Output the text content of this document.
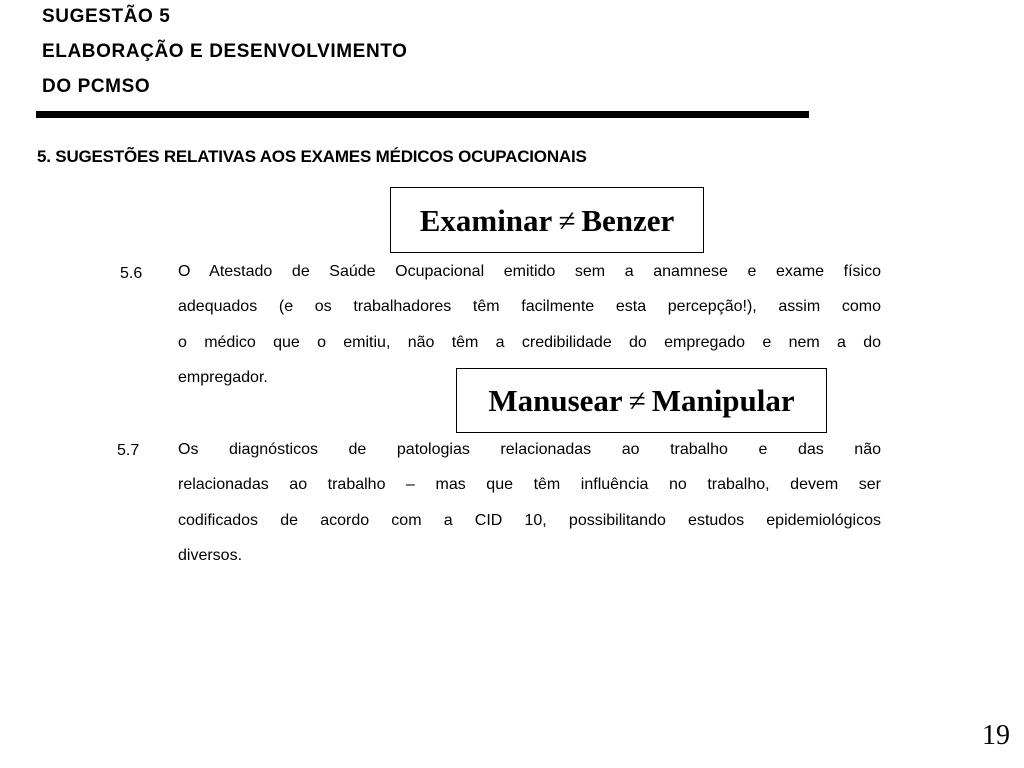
SUGESTÃO 5
ELABORAÇÃO E DESENVOLVIMENTO
DO PCMSO
5. SUGESTÕES RELATIVAS AOS EXAMES MÉDICOS OCUPACIONAIS
5.6 O Atestado de Saúde Ocupacional emitido sem a anamnese e exame físico
adequados (e os trabalhadores têm facilmente esta percepção!), assim como
o médico que o emitiu, não têm a credibilidade do empregado e nem a do
empregador.
5.7 Os diagnósticos de patologias relacionadas ao trabalho e das não
relacionadas ao trabalho – mas que têm influência no trabalho, devem ser
codificados de acordo com a CID 10, possibilitando estudos epidemiológicos
diversos.
Examinar ≠ Benzer
Manusear ≠ Manipular
19
